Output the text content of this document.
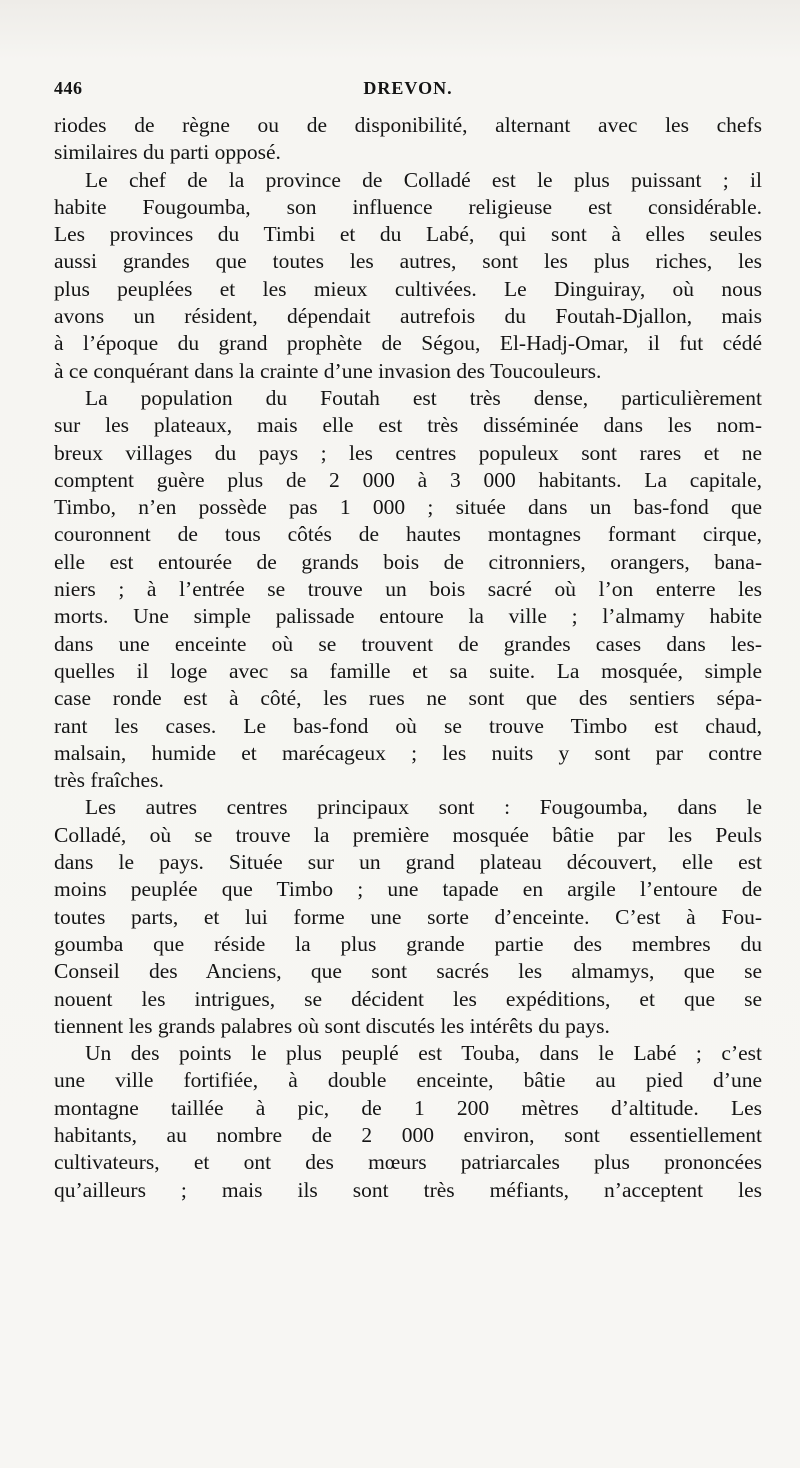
446	DREVON.
riodes de règne ou de disponibilité, alternant avec les chefs
similaires du parti opposé.
Le chef de la province de Colladé est le plus puissant ; il
habite Fougoumba, son influence religieuse est considérable.
Les provinces du Timbi et du Labé, qui sont à elles seules
aussi grandes que toutes les autres, sont les plus riches, les
plus peuplées et les mieux cultivées. Le Dinguiray, où nous
avons un résident, dépendait autrefois du Foutah-Djallon, mais
à l’époque du grand prophète de Ségou, El-Hadj-Omar, il fut cédé
à ce conquérant dans la crainte d’une invasion des Toucouleurs.
La population du Foutah est très dense, particulièrement
sur les plateaux, mais elle est très disséminée dans les nom-
breux villages du pays ; les centres populeux sont rares et ne
comptent guère plus de 2 000 à 3 000 habitants. La capitale,
Timbo, n’en possède pas 1 000 ; située dans un bas-fond que
couronnent de tous côtés de hautes montagnes formant cirque,
elle est entourée de grands bois de citronniers, orangers, bana-
niers ; à l’entrée se trouve un bois sacré où l’on enterre les
morts. Une simple palissade entoure la ville ; l’almamy habite
dans une enceinte où se trouvent de grandes cases dans les-
quelles il loge avec sa famille et sa suite. La mosquée, simple
case ronde est à côté, les rues ne sont que des sentiers sépa-
rant les cases. Le bas-fond où se trouve Timbo est chaud,
malsain, humide et marécageux ; les nuits y sont par contre
très fraîches.
Les autres centres principaux sont : Fougoumba, dans le
Colladé, où se trouve la première mosquée bâtie par les Peuls
dans le pays. Située sur un grand plateau découvert, elle est
moins peuplée que Timbo ; une tapade en argile l’entoure de
toutes parts, et lui forme une sorte d’enceinte. C’est à Fou-
goumba que réside la plus grande partie des membres du
Conseil des Anciens, que sont sacrés les almamys, que se
nouent les intrigues, se décident les expéditions, et que se
tiennent les grands palabres où sont discutés les intérêts du pays.
Un des points le plus peuplé est Touba, dans le Labé ; c’est
une ville fortifiée, à double enceinte, bâtie au pied d’une
montagne taillée à pic, de 1 200 mètres d’altitude. Les
habitants, au nombre de 2 000 environ, sont essentiellement
cultivateurs, et ont des mœurs patriarcales plus prononcées
qu’ailleurs ; mais ils sont très méfiants, n’acceptent les
